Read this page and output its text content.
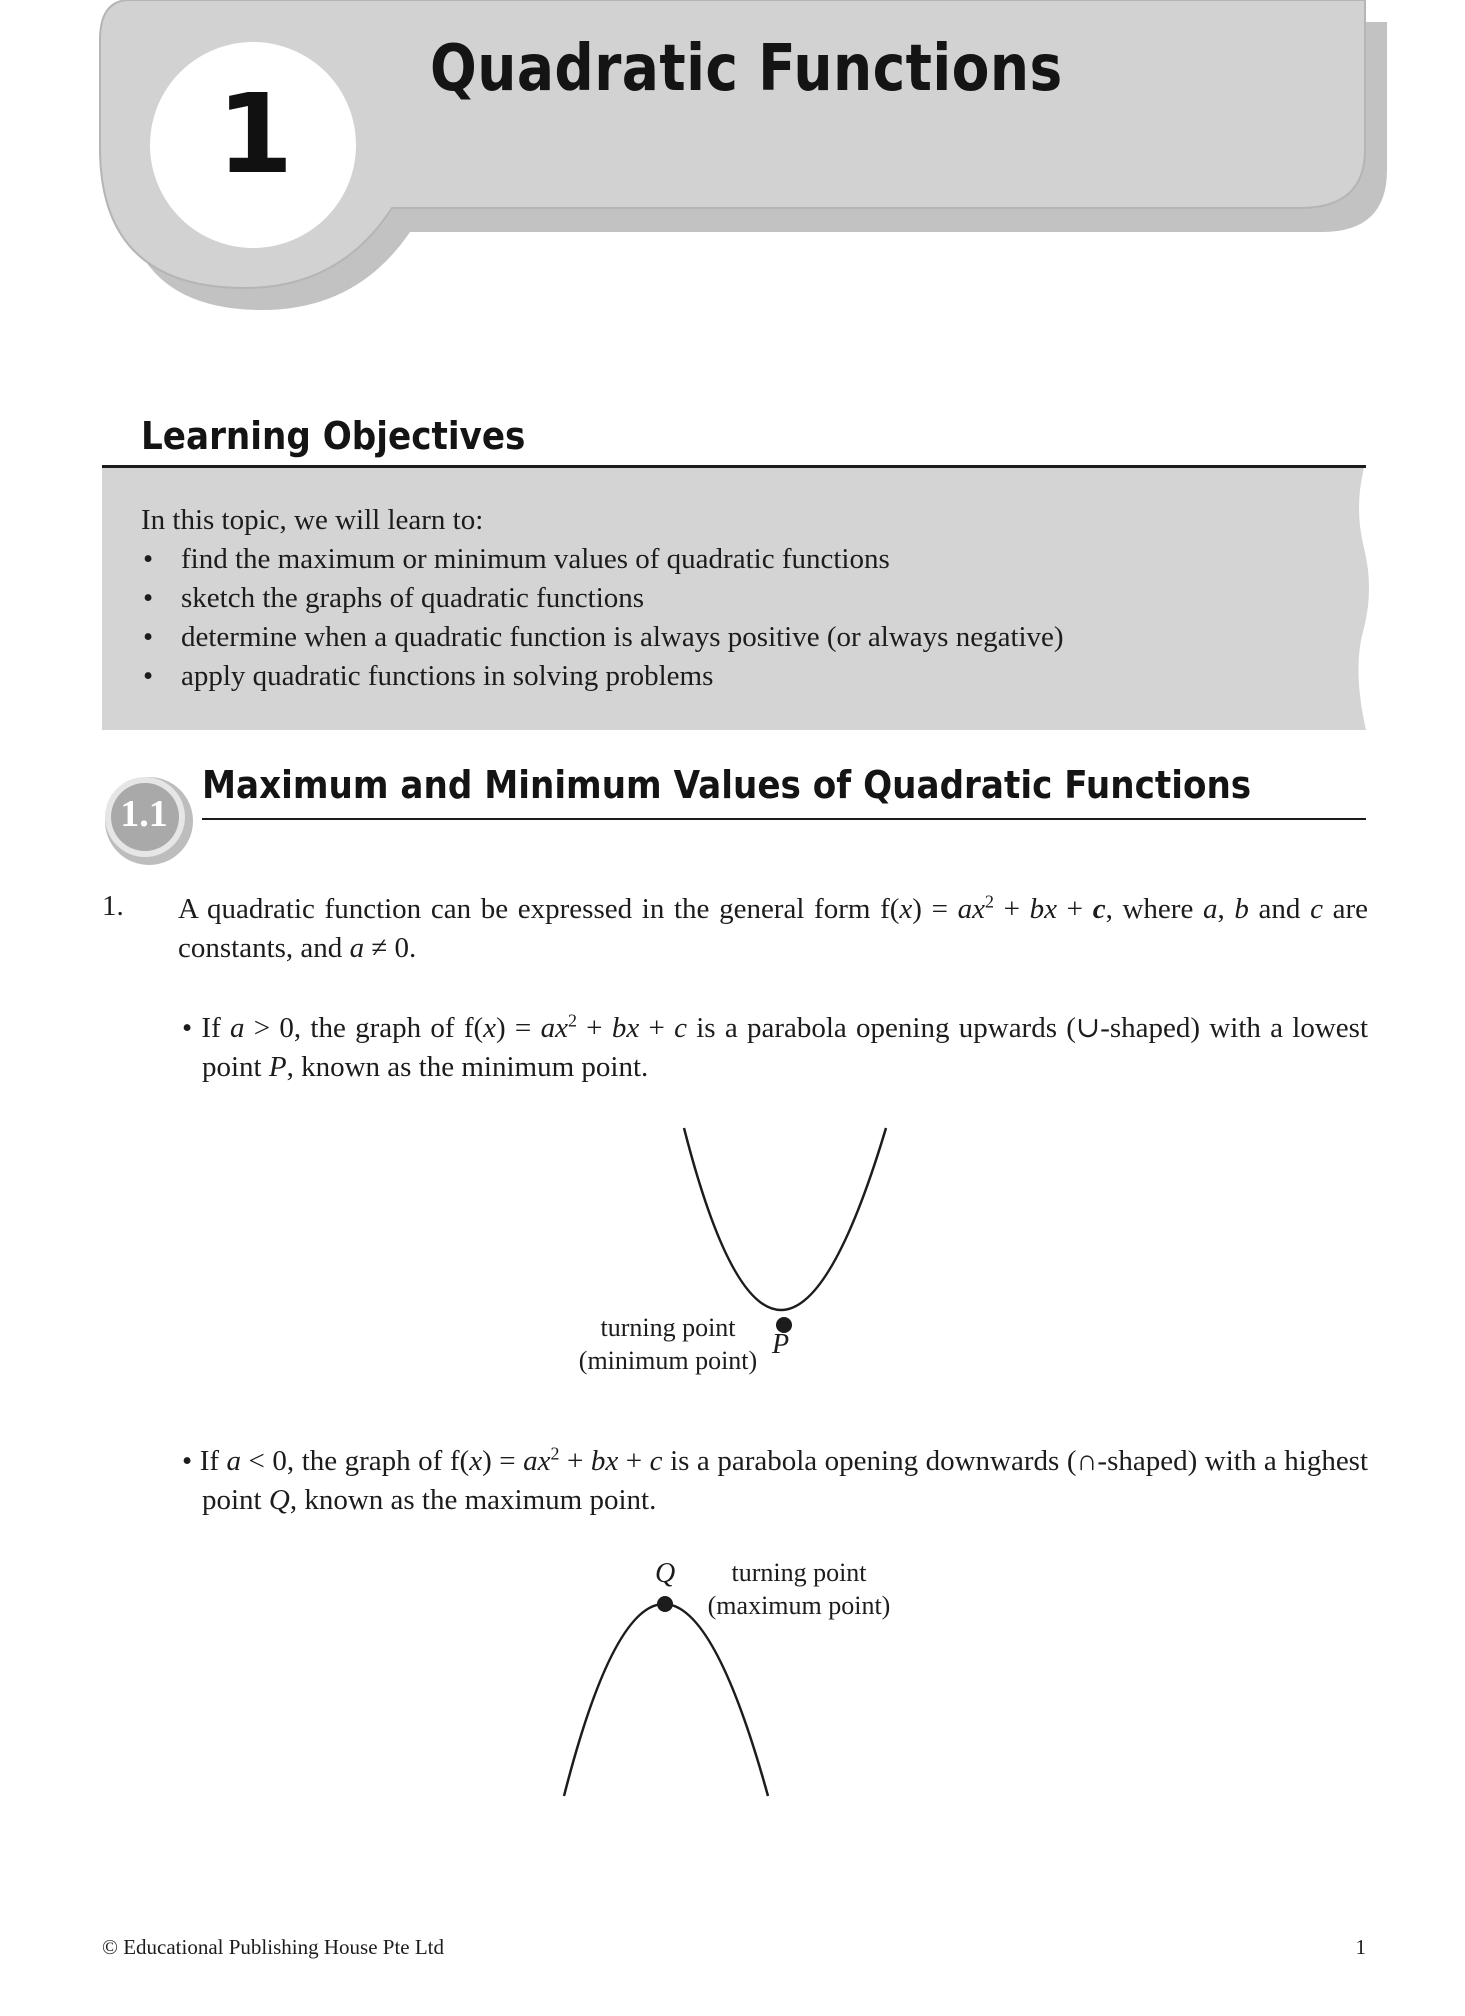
1
Quadratic Functions
Learning Objectives
In this topic, we will learn to:
• find the maximum or minimum values of quadratic functions
• sketch the graphs of quadratic functions
• determine when a quadratic function is always positive (or always negative)
• apply quadratic functions in solving problems
1.1
Maximum and Minimum Values of Quadratic Functions
1. A quadratic function can be expressed in the general form $f(x) = ax^2$ + bx + c, where a, b and c are constants, and a ≠ 0.
• If a > 0, the graph of $f(x) = ax^2$ + bx + c is a parabola opening upwards (∪-shaped) with a lowest point P, known as the minimum point.
turning point
(minimum point)
P
• If a < 0, the graph of $f(x) = ax^2$ + bx + c is a parabola opening downwards (∩-shaped) with a highest point Q, known as the maximum point.
Q	turning point
(maximum point)
© Educational Publishing House Pte Ltd	1
